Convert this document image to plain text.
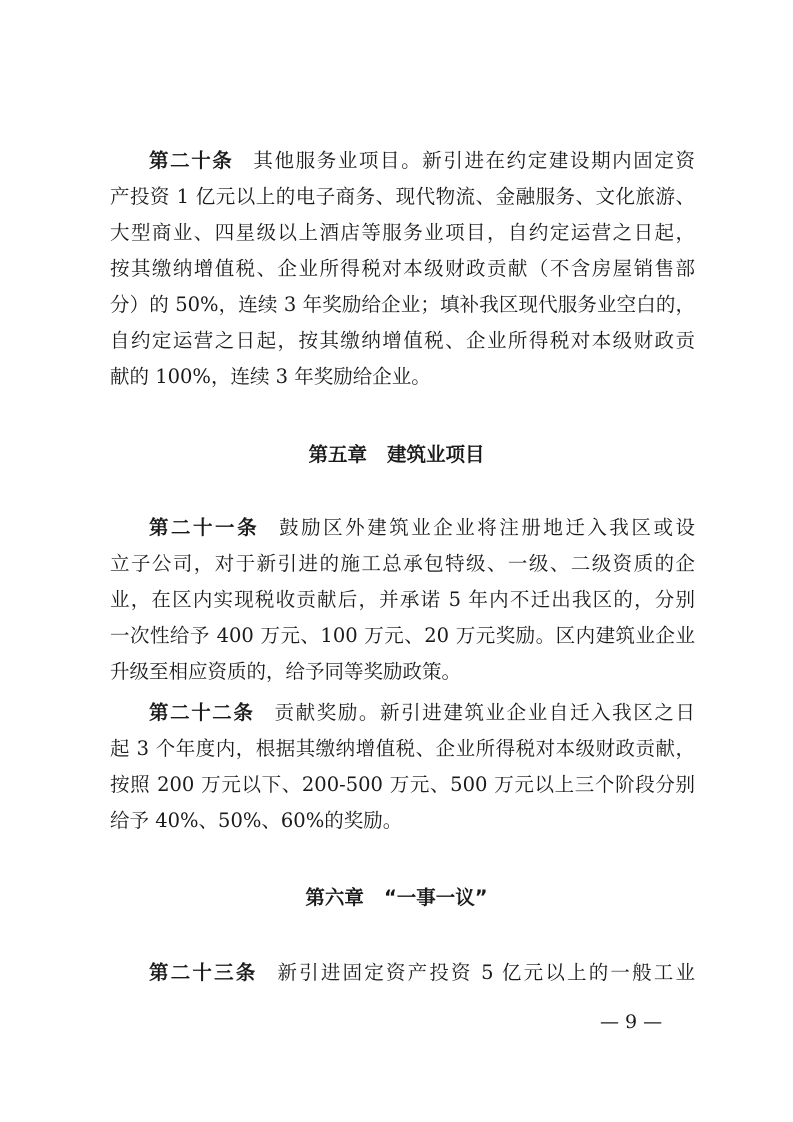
第二十条 其他服务业项目。新引进在约定建设期内固定资
产投资 1 亿元以上的电子商务、现代物流、金融服务、文化旅游、
大型商业、四星级以上酒店等服务业项目，自约定运营之日起，
按其缴纳增值税、企业所得税对本级财政贡献（不含房屋销售部
分）的 50%，连续 3 年奖励给企业；填补我区现代服务业空白的，
自约定运营之日起，按其缴纳增值税、企业所得税对本级财政贡
献的 100%，连续 3 年奖励给企业。
第五章 建筑业项目
第二十一条 鼓励区外建筑业企业将注册地迁入我区或设
立子公司，对于新引进的施工总承包特级、一级、二级资质的企
业，在区内实现税收贡献后，并承诺 5 年内不迁出我区的，分别
一次性给予 400 万元、100 万元、20 万元奖励。区内建筑业企业
升级至相应资质的，给予同等奖励政策。
第二十二条 贡献奖励。新引进建筑业企业自迁入我区之日
起 3 个年度内，根据其缴纳增值税、企业所得税对本级财政贡献，
按照 200 万元以下、200-500 万元、500 万元以上三个阶段分别
给予 40%、50%、60%的奖励。
第六章 “一事一议”
第二十三条 新引进固定资产投资 5 亿元以上的一般工业
— 9 —
